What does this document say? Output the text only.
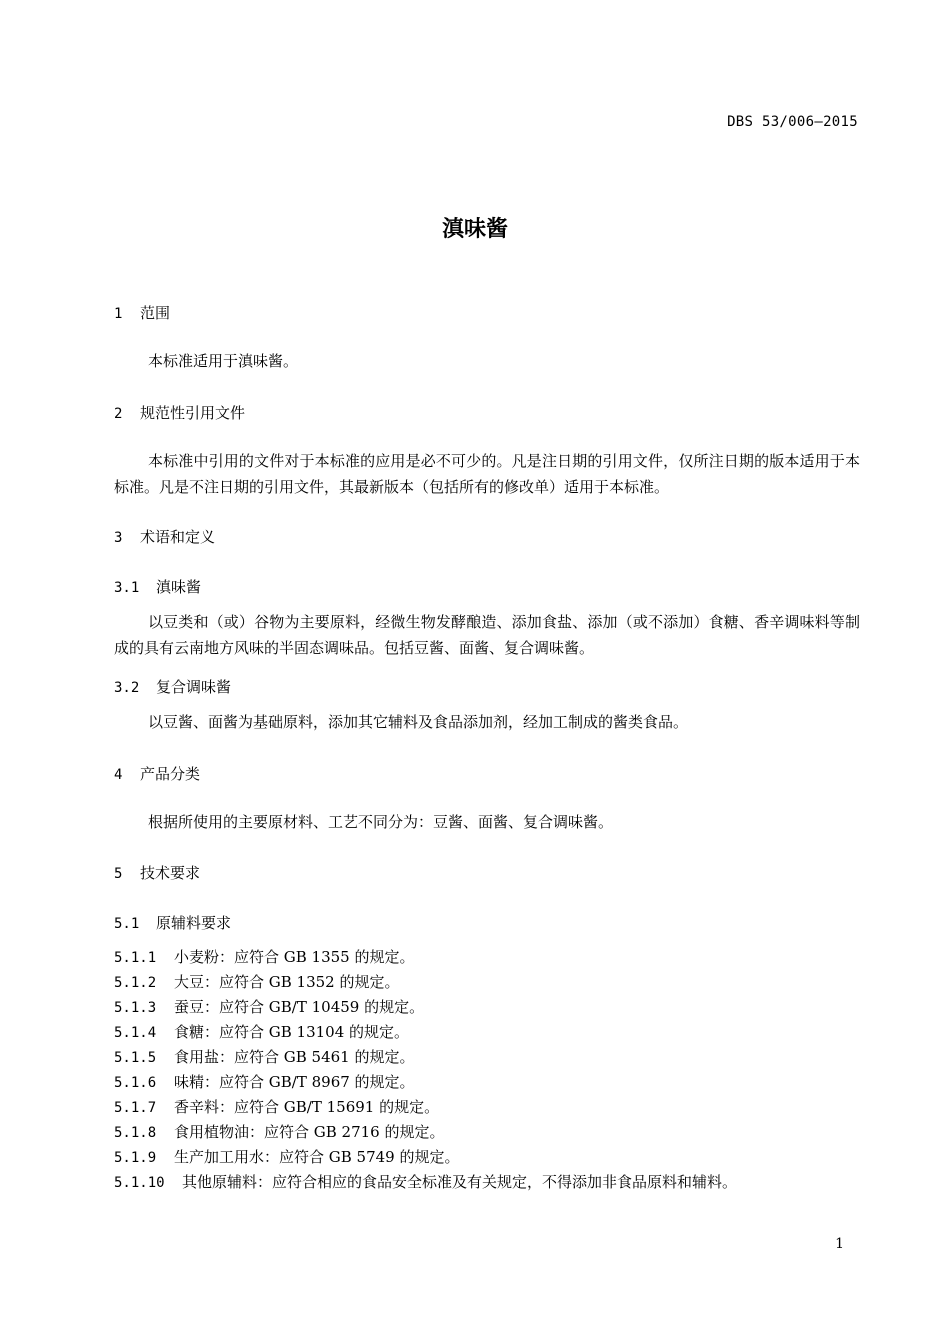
DBS 53/006—2015
滇味酱
1 范围
本标准适用于滇味酱。
2 规范性引用文件
本标准中引用的文件对于本标准的应用是必不可少的。凡是注日期的引用文件，仅所注日期的版本适用于本标准。凡是不注日期的引用文件，其最新版本（包括所有的修改单）适用于本标准。
3 术语和定义
3.1 滇味酱
以豆类和（或）谷物为主要原料，经微生物发酵酿造、添加食盐、添加（或不添加）食糖、香辛调味料等制成的具有云南地方风味的半固态调味品。包括豆酱、面酱、复合调味酱。
3.2 复合调味酱
以豆酱、面酱为基础原料，添加其它辅料及食品添加剂，经加工制成的酱类食品。
4 产品分类
根据所使用的主要原材料、工艺不同分为：豆酱、面酱、复合调味酱。
5 技术要求
5.1 原辅料要求
5.1.1 小麦粉：应符合 GB 1355 的规定。
5.1.2 大豆：应符合 GB 1352 的规定。
5.1.3 蚕豆：应符合 GB/T 10459 的规定。
5.1.4 食糖：应符合 GB 13104 的规定。
5.1.5 食用盐：应符合 GB 5461 的规定。
5.1.6 味精：应符合 GB/T 8967 的规定。
5.1.7 香辛料：应符合 GB/T 15691 的规定。
5.1.8 食用植物油：应符合 GB 2716 的规定。
5.1.9 生产加工用水：应符合 GB 5749 的规定。
5.1.10 其他原辅料：应符合相应的食品安全标准及有关规定，不得添加非食品原料和辅料。
1
